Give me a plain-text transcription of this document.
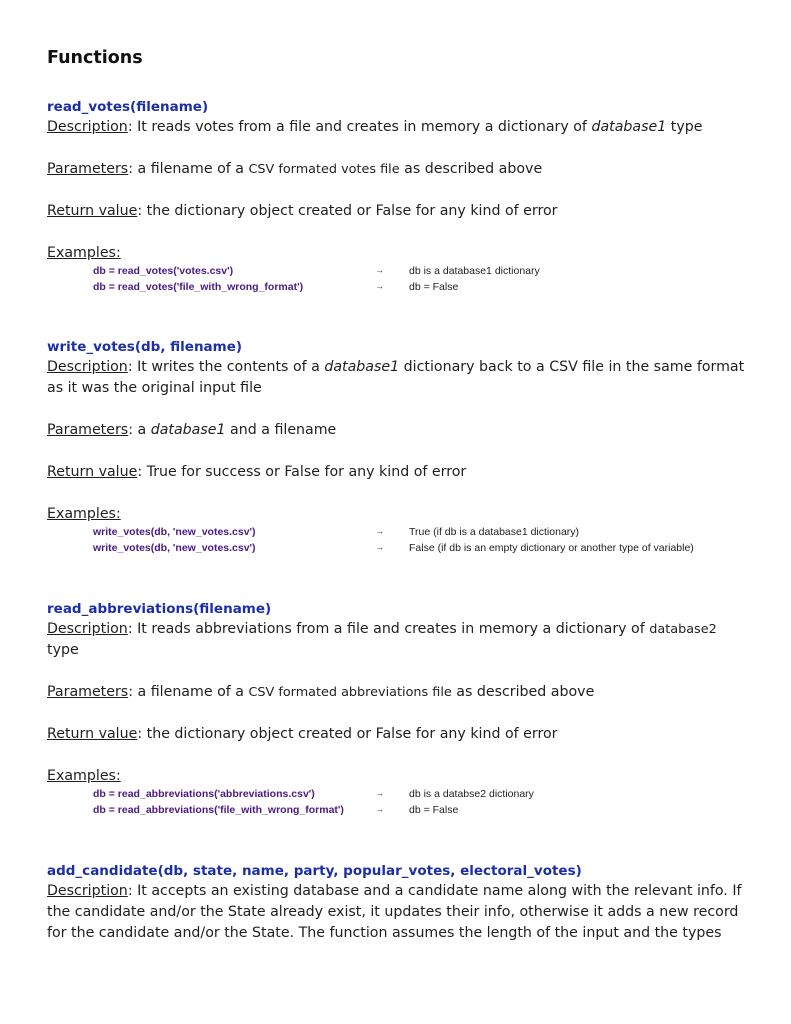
Functions
read_votes(filename)
Description: It reads votes from a file and creates in memory a dictionary of database1 type
Parameters: a filename of a CSV formated votes file as described above
Return value: the dictionary object created or False for any kind of error
Examples:
db = read_votes('votes.csv')	→ db is a database1 dictionary
db = read_votes('file_with_wrong_format')	→ db = False
write_votes(db, filename)
Description: It writes the contents of a database1 dictionary back to a CSV file in the same format
as it was the original input file
Parameters: a database1 and a filename
Return value: True for success or False for any kind of error
Examples:
write_votes(db, 'new_votes.csv')	→ True (if db is a database1 dictionary)
write_votes(db, 'new_votes.csv')	→ False (if db is an empty dictionary or another type of variable)
read_abbreviations(filename)
Description: It reads abbreviations from a file and creates in memory a dictionary of database2
type
Parameters: a filename of a CSV formated abbreviations file as described above
Return value: the dictionary object created or False for any kind of error
Examples:
db = read_abbreviations('abbreviations.csv')	→ db is a databse2 dictionary
db = read_abbreviations('file_with_wrong_format')	→ db = False
add_candidate(db, state, name, party, popular_votes, electoral_votes)
Description: It accepts an existing database and a candidate name along with the relevant info. If
the candidate and/or the State already exist, it updates their info, otherwise it adds a new record
for the candidate and/or the State. The function assumes the length of the input and the types
